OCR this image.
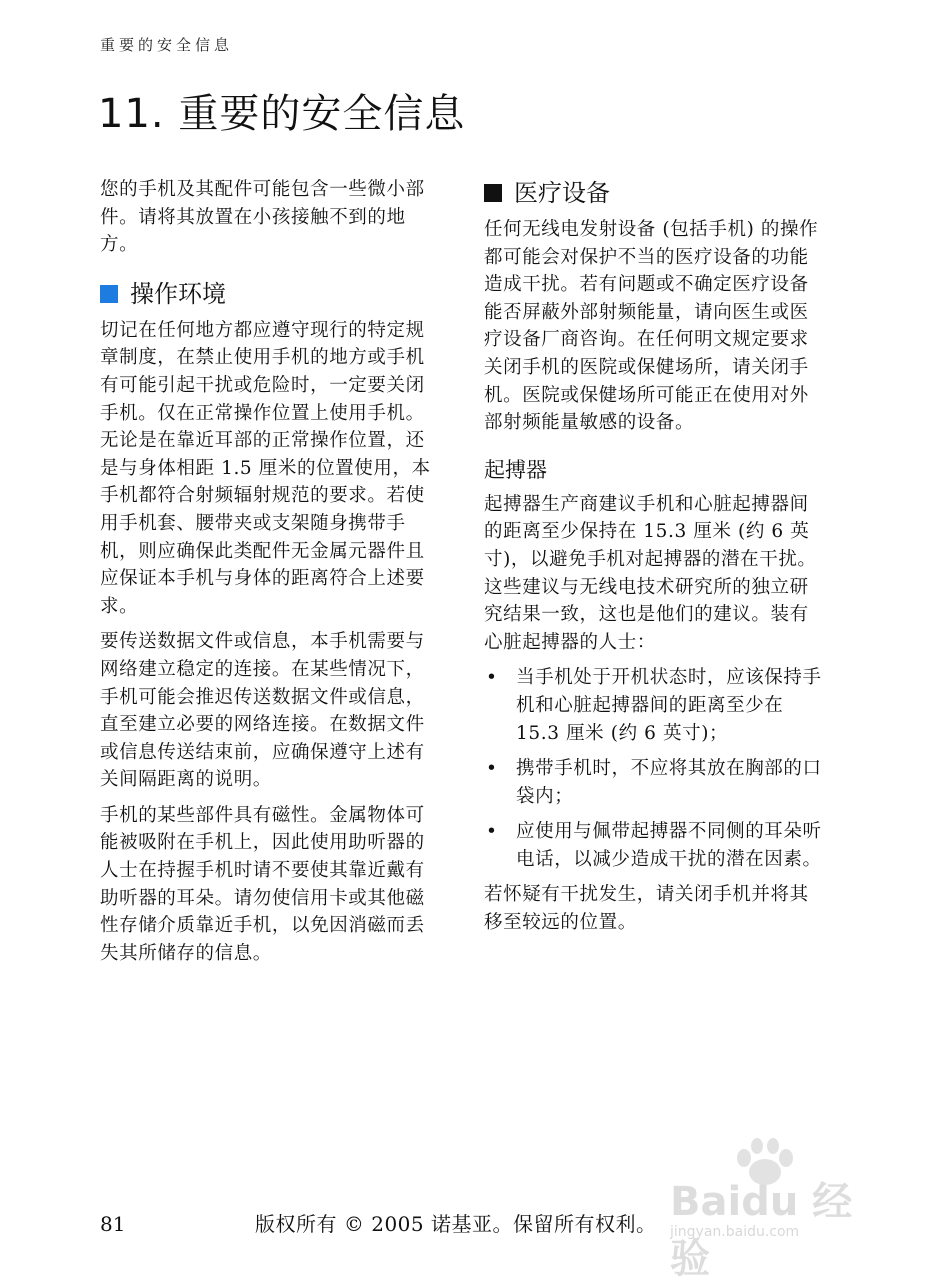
重要的安全信息
11. 重要的安全信息

您的手机及其配件可能包含一些微小部件。请将其放置在小孩接触不到的地方。

操作环境

切记在任何地方都应遵守现行的特定规章制度，在禁止使用手机的地方或手机有可能引起干扰或危险时，一定要关闭手机。仅在正常操作位置上使用手机。无论是在靠近耳部的正常操作位置，还是与身体相距 1.5 厘米的位置使用，本手机都符合射频辐射规范的要求。若使用手机套、腰带夹或支架随身携带手机，则应确保此类配件无金属元器件且应保证本手机与身体的距离符合上述要求。

要传送数据文件或信息，本手机需要与网络建立稳定的连接。在某些情况下，手机可能会推迟传送数据文件或信息，直至建立必要的网络连接。在数据文件或信息传送结束前，应确保遵守上述有关间隔距离的说明。

手机的某些部件具有磁性。金属物体可能被吸附在手机上，因此使用助听器的人士在持握手机时请不要使其靠近戴有助听器的耳朵。请勿使信用卡或其他磁性存储介质靠近手机，以免因消磁而丢失其所储存的信息。

医疗设备

任何无线电发射设备 (包括手机) 的操作都可能会对保护不当的医疗设备的功能造成干扰。若有问题或不确定医疗设备能否屏蔽外部射频能量，请向医生或医疗设备厂商咨询。在任何明文规定要求关闭手机的医院或保健场所，请关闭手机。医院或保健场所可能正在使用对外部射频能量敏感的设备。

起搏器

起搏器生产商建议手机和心脏起搏器间的距离至少保持在 15.3 厘米 (约 6 英寸)，以避免手机对起搏器的潜在干扰。这些建议与无线电技术研究所的独立研究结果一致，这也是他们的建议。装有心脏起搏器的人士：

• 当手机处于开机状态时，应该保持手机和心脏起搏器间的距离至少在 15.3 厘米 (约 6 英寸)；
• 携带手机时，不应将其放在胸部的口袋内；
• 应使用与佩带起搏器不同侧的耳朵听电话，以减少造成干扰的潜在因素。

若怀疑有干扰发生，请关闭手机并将其移至较远的位置。

Baidu 经验
jingyan.baidu.com
81	版权所有 © 2005 诺基亚。保留所有权利。
